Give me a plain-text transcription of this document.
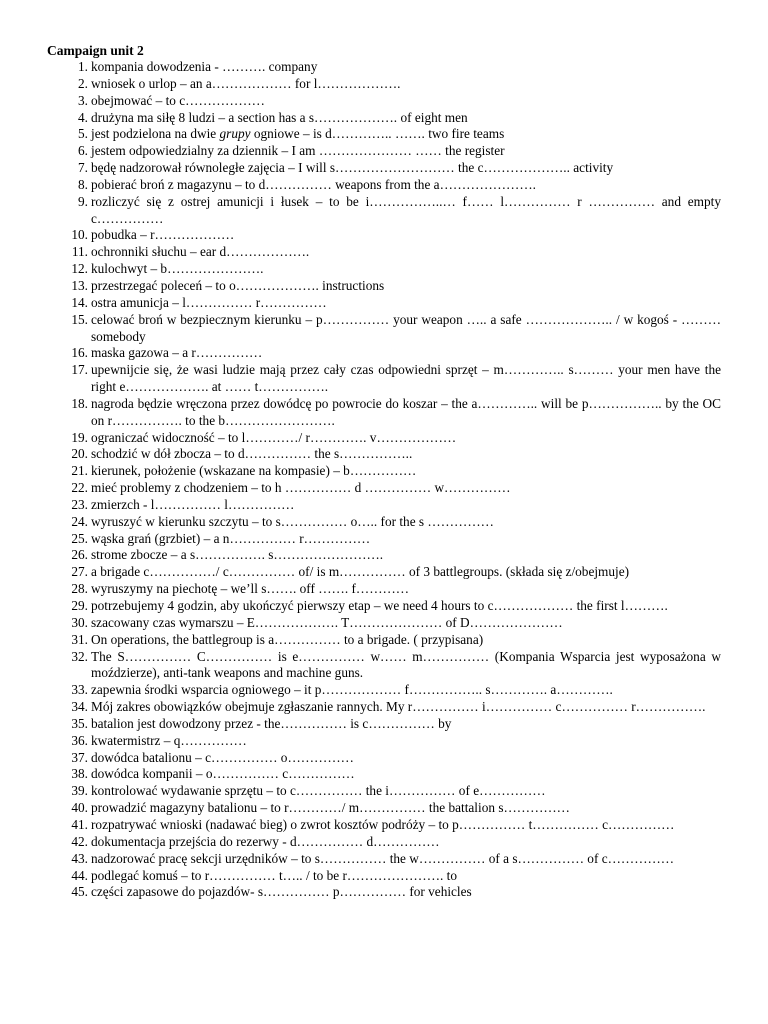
Campaign unit 2
1. kompania dowodzenia - ………. company
2. wniosek o urlop – an a……………… for l……………….
3. obejmować – to c………………
4. drużyna ma siłę 8 ludzi – a section has a s………………. of eight men
5. jest podzielona na dwie grupy ogniowe – is d………….. ……. two fire teams
6. jestem odpowiedzialny za dziennik – I am ………………… …… the register
7. będę nadzorował równoległe zajęcia – I will s……………………… the c……………….. activity
8. pobierać broń z magazynu – to d…………… weapons from the a………………….
9. rozliczyć się z ostrej amunicji i łusek – to be i……………..… f…… l…………… r …………… and empty c……………
10. pobudka – r………………
11. ochronniki słuchu – ear d……………….
12. kulochwyt – b………………….
13. przestrzegać poleceń – to o………………. instructions
14. ostra amunicja – l…………… r……………
15. celować broń w bezpiecznym kierunku – p…………… your weapon ….. a safe ……………….. / w kogoś - ……… somebody
16. maska gazowa – a r……………
17. upewnijcie się, że wasi ludzie mają przez cały czas odpowiedni sprzęt – m………….. s……… your men have the right e………………. at …… t…………….
18. nagroda będzie wręczona przez dowódcę po powrocie do koszar – the a………….. will be p…………….. by the OC on r……………. to the b…………………….
19. ograniczać widoczność – to l…………/ r…………. v………………
20. schodzić w dół zbocza – to d…………… the s……………..
21. kierunek, położenie (wskazane na kompasie) – b……………
22. mieć problemy z chodzeniem – to h …………… d …………… w……………
23. zmierzch - l…………… l……………
24. wyruszyć w kierunku szczytu – to s…………… o….. for the s ……………
25. wąska grań (grzbiet) – a n…………… r……………
26. strome zbocze – a s……………. s…………………….
27. a brigade c……………/ c…………… of/ is m…………… of 3 battlegroups. (składa się z/obejmuje)
28. wyruszymy na piechotę – we’ll s……. off ……. f…………
29. potrzebujemy 4 godzin, aby ukończyć pierwszy etap – we need 4 hours to c……………… the first l……….
30. szacowany czas wymarszu – E………………. T………………… of D…………………
31. On operations, the battlegroup is a…………… to a brigade. ( przypisana)
32. The S…………… C…………… is e…………… w…… m…………… (Kompania Wsparcia jest wyposażona w moździerze), anti-tank weapons and machine guns.
33. zapewnia środki wsparcia ogniowego – it p……………… f…………….. s…………. a………….
34. Mój zakres obowiązków obejmuje zgłaszanie rannych. My r…………… i…………… c…………… r…………….
35. batalion jest dowodzony przez - the…………… is c…………… by
36. kwatermistrz – q……………
37. dowódca batalionu – c…………… o……………
38. dowódca kompanii – o…………… c……………
39. kontrolować wydawanie sprzętu – to c…………… the i…………… of e……………
40. prowadzić magazyny batalionu – to r…………/ m…………… the battalion s……………
41. rozpatrywać wnioski (nadawać bieg) o zwrot kosztów podróży – to p…………… t…………… c……………
42. dokumentacja przejścia do rezerwy - d…………… d……………
43. nadzorować pracę sekcji urzędników – to s…………… the w…………… of a s…………… of c……………
44. podlegać komuś – to r…………… t….. / to be r…………………. to
45. części zapasowe do pojazdów- s…………… p…………… for vehicles
